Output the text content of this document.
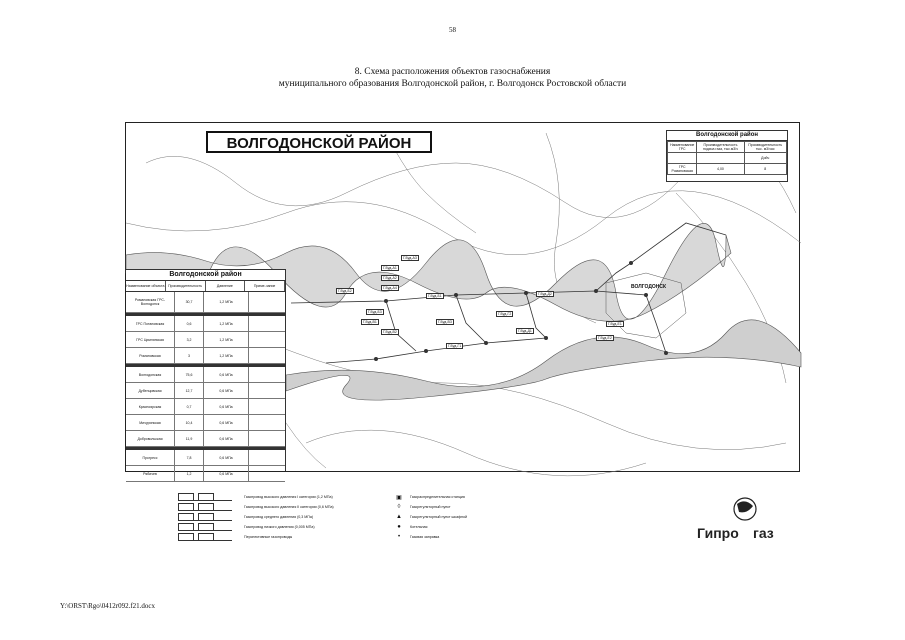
58
8. Схема расположения объектов газоснабжения
муниципального образования Волгодонской район, г. Волгодонск Ростовской области
ВОЛГОДОНСКОЙ РАЙОН	Волгодонской район
Наименование ГРС	Производительность подача газа, тыс.м3/ч	Производительность тыс. м3/час
		Дойч
ГРС Романовская	4,00	8
ВОЛГОДОНСК
Волгодонской район
Наименование объекта	Производительность	Давление	Приме-чание
Романовская ГРС-Волгодонск	30,7	1,2 МПа
ГРС Потаповская	0,6	1,2 МПа
ГРС Цимлянская	3,2	1,2 МПа
Романовская	3	1,2 МПа
Волгодонская	75,6	0,6 МПа
Дубенцовская	12,7	0,6 МПа
Красноярская	0,7	0,6 МПа
Мичуринская	10,4	0,6 МПа
Добровольская	11,9	0,6 МПа
Прогресс	7,8	0,6 МПа
Рябичев	1,2	0,6 МПа
Г.Буд-А1
Г.Буд-А2
Г.Буд-А3
Г.Буд-А4
Г.Буд-Б1
Г.Буд-Б2
Г.Буд-Б3
Г.Буд-В1
Г.Буд-В2
Г.Буд-В3
Г.Буд-Г1
Г.Буд-Г2
Г.Буд-Д1
Г.Буд-Д2
Г.Буд-Е1
Г.Буд-Е2
Газопровод высокого давления I категории (1,2 МПа)
Газопровод высокого давления II категории (0,6 МПа)
Газопровод среднего давления (0,3 МПа)
Газопровод низкого давления (0,005 МПа)
Перспективные газопроводы
▣	Газораспределительная станция
◊	Газорегуляторный пункт
▲	Газорегуляторный пункт шкафной
●	Котельная
•	Газовая заправка	Гипро газ
Y:\ORST\Rgo\0412r092.f21.docx
